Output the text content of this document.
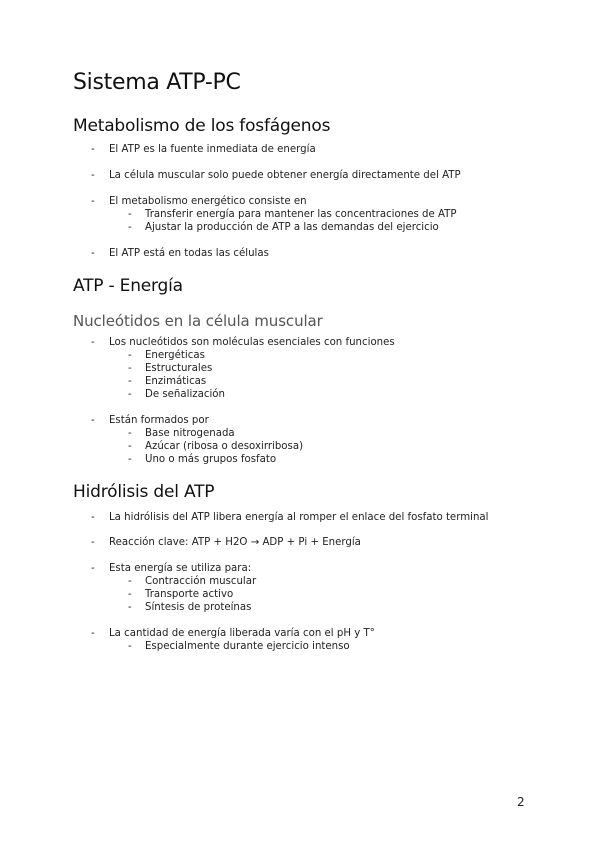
Sistema ATP-PC
Metabolismo de los fosfágenos
- El ATP es la fuente inmediata de energía
- La célula muscular solo puede obtener energía directamente del ATP
- El metabolismo energético consiste en
- Transferir energía para mantener las concentraciones de ATP
- Ajustar la producción de ATP a las demandas del ejercicio
- El ATP está en todas las células
ATP - Energía
Nucleótidos en la célula muscular
- Los nucleótidos son moléculas esenciales con funciones
- Energéticas
- Estructurales
- Enzimáticas
- De señalización
- Están formados por
- Base nitrogenada
- Azúcar (ribosa o desoxirribosa)
- Uno o más grupos fosfato
Hidrólisis del ATP
- La hidrólisis del ATP libera energía al romper el enlace del fosfato terminal
- Reacción clave: ATP + H2O → ADP + Pi + Energía
- Esta energía se utiliza para:
- Contracción muscular
- Transporte activo
- Síntesis de proteínas
- La cantidad de energía liberada varía con el pH y T°
- Especialmente durante ejercicio intenso
2
